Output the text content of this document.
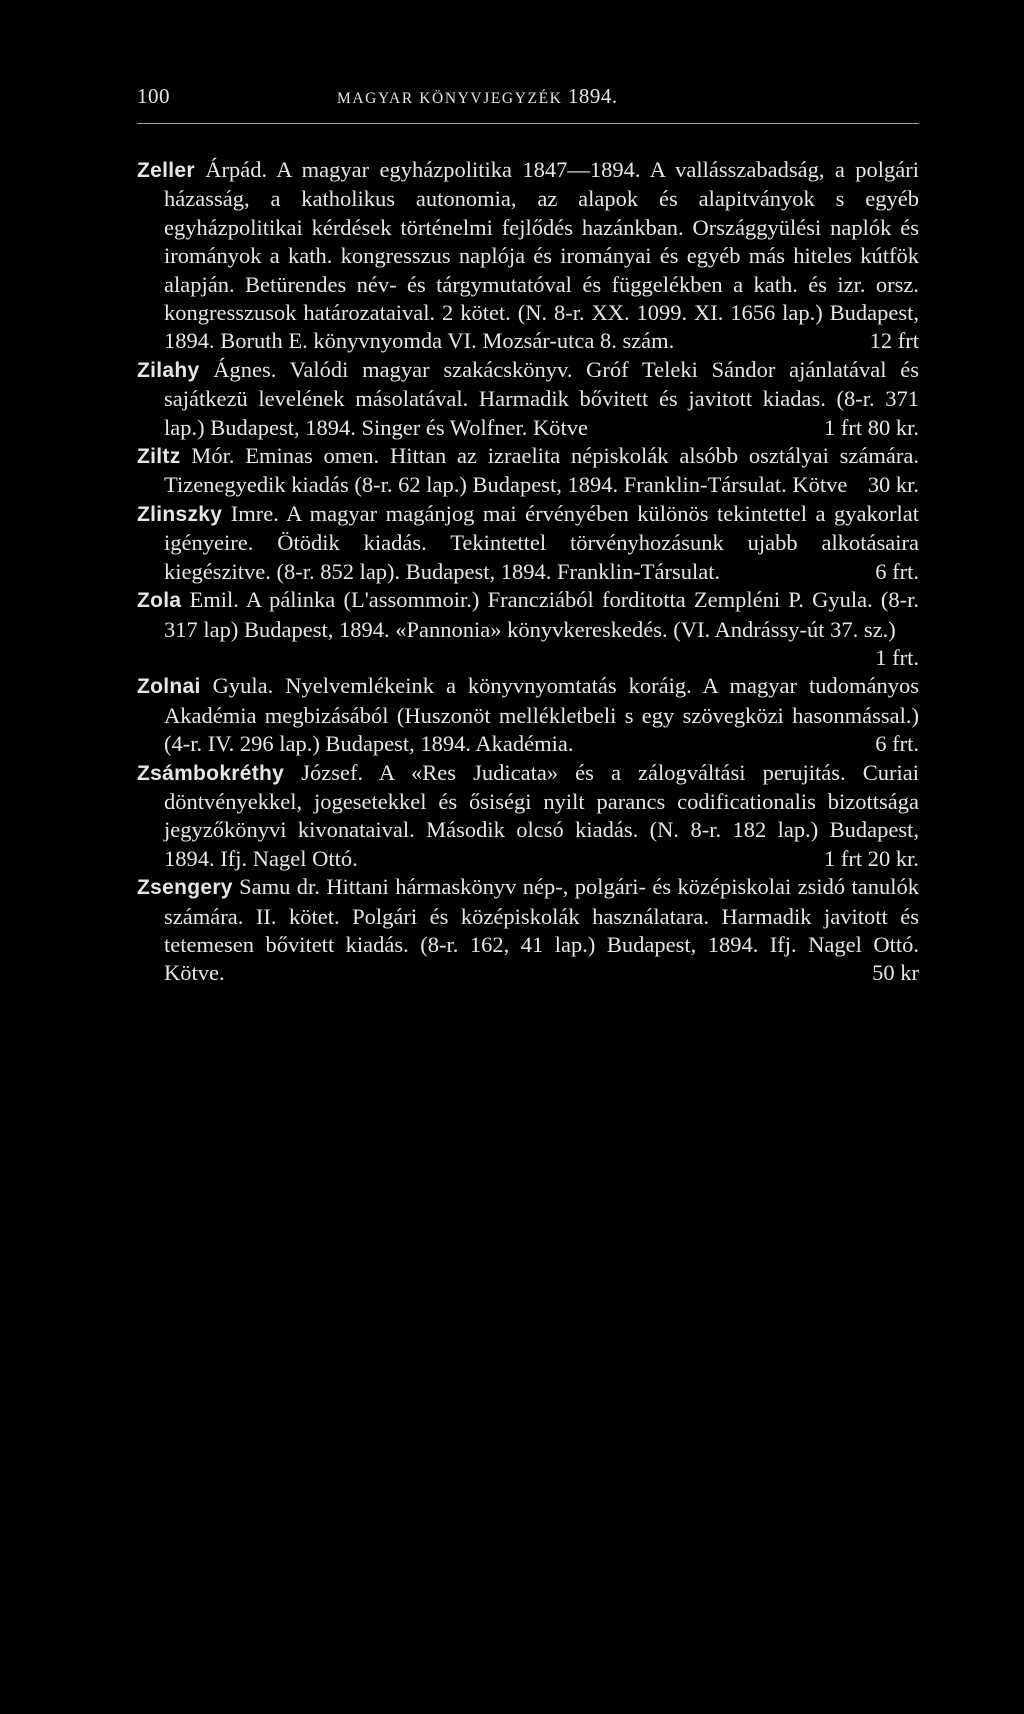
100	MAGYAR KÖNYVJEGYZÉK 1894.

Zeller Árpád. A magyar egyházpolitika 1847—1894. A vallásszabadság, a polgári házasság, a katholikus autonomia, az alapok és alapitványok s egyéb egyházpolitikai kérdések történelmi fejlődés hazánkban. Országgyülési naplók és irományok a kath. kongresszus naplója és irományai és egyéb más hiteles kútfök alapján. Betürendes név- és tárgymutatóval és függelékben a kath. és izr. orsz. kongresszusok határozataival. 2 kötet. (N. 8-r. XX. 1099. XI. 1656 lap.) Budapest, 1894. Boruth E. könyvnyomda VI. Mozsár-utca 8. szám.	12 frt

Zilahy Ágnes. Valódi magyar szakácskönyv. Gróf Teleki Sándor ajánlatával és sajátkezü levelének másolatával. Harmadik bővitett és javitott kiadas. (8-r. 371 lap.) Budapest, 1894. Singer és Wolfner. Kötve	1 frt 80 kr.

Ziltz Mór. Eminas omen. Hittan az izraelita népiskolák alsóbb osztályai számára. Tizenegyedik kiadás (8-r. 62 lap.) Budapest, 1894. Franklin-Társulat. Kötve 30 kr.

Zlinszky Imre. A magyar magánjog mai érvényében különös tekintettel a gyakorlat igényeire. Ötödik kiadás. Tekintettel törvényhozásunk ujabb alkotásaira kiegészitve. (8-r. 852 lap). Budapest, 1894. Franklin-Társulat.	6 frt.

Zola Emil. A pálinka (L'assommoir.) Francziából forditotta Zempléni P. Gyula. (8-r. 317 lap) Budapest, 1894. «Pannonia» könyvkereskedés. (VI. Andrássy-út 37. sz.)
1 frt.

Zolnai Gyula. Nyelvemlékeink a könyvnyomtatás koráig. A magyar tudományos Akadémia megbizásából (Huszonöt mellékletbeli s egy szövegközi hasonmással.) (4-r. IV. 296 lap.) Budapest, 1894. Akadémia.	6 frt.

Zsámbokréthy József. A «Res Judicata» és a zálogváltási perujitás. Curiai döntvényekkel, jogesetekkel és ősiségi nyilt parancs codificationalis bizottsága jegyzőkönyvi kivonataival. Második olcsó kiadás. (N. 8-r. 182 lap.) Budapest, 1894. Ifj. Nagel Ottó.	1 frt 20 kr.

Zsengery Samu dr. Hittani hármaskönyv nép-, polgári- és középiskolai zsidó tanulók számára. II. kötet. Polgári és középiskolák használatara. Harmadik javitott és tetemesen bővitett kiadás. (8-r. 162, 41 lap.) Budapest, 1894. Ifj. Nagel Ottó. Kötve.	50 kr
